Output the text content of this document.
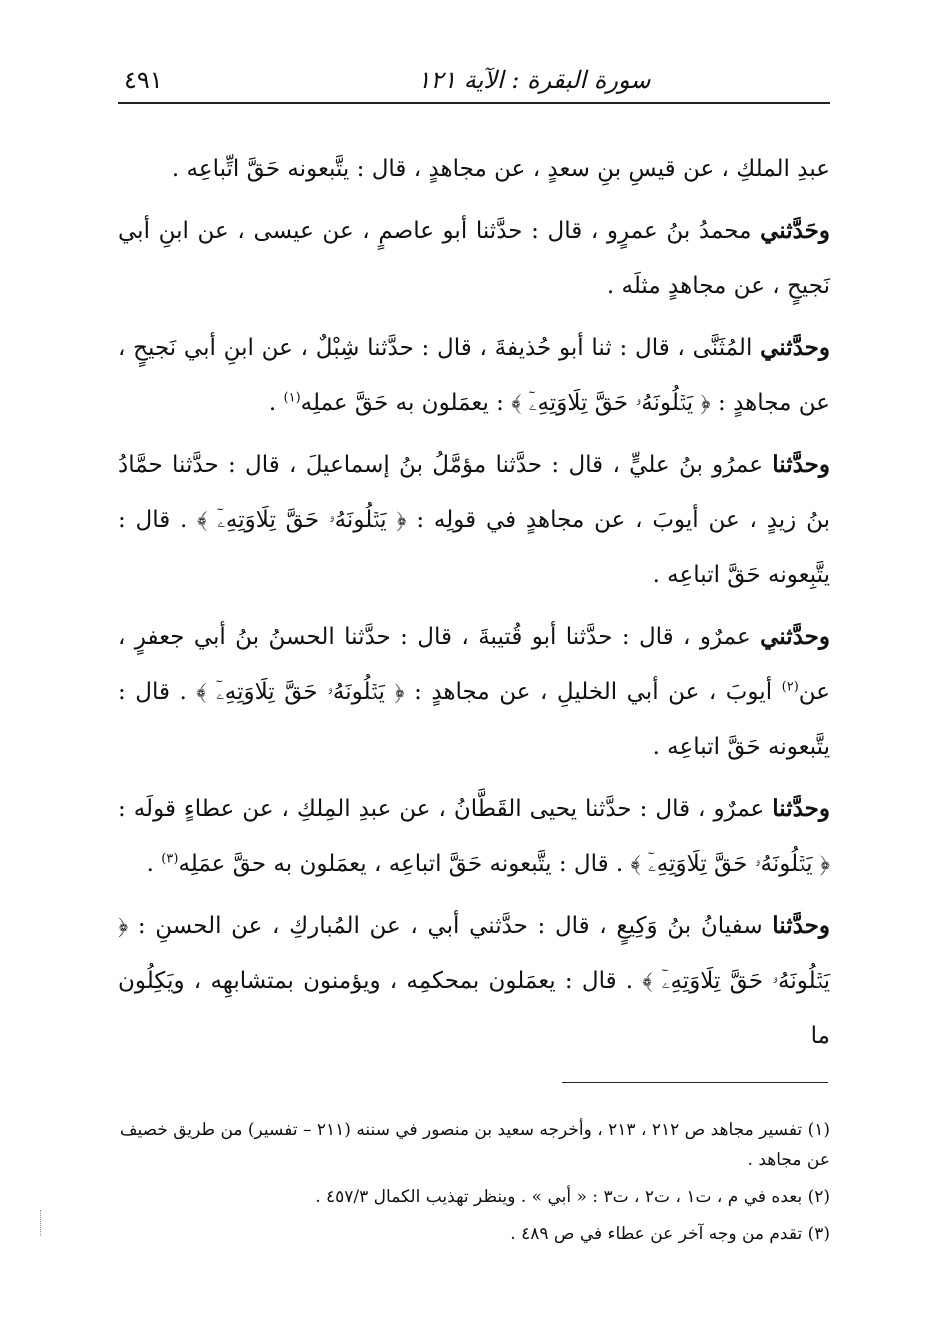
سورة البقرة : الآية ١٢١
٤٩١

عبدِ الملكِ ، عن قيسِ بنِ سعدٍ ، عن مجاهدٍ ، قال : يتَّبعونه حَقَّ اتِّباعِه .

وحَدَّثني محمدُ بنُ عمرٍو ، قال : حدَّثنا أبو عاصمٍ ، عن عيسى ، عن ابنِ أبي نَجيحٍ ، عن مجاهدٍ مثلَه .

وحدَّثني المُثَنَّى ، قال : ثنا أبو حُذيفةَ ، قال : حدَّثنا شِبْلٌ ، عن ابنِ أبي نَجيحٍ ، عن مجاهدٍ : ﴿ يَتۡلُونَهُۥ حَقَّ تِلَاوَتِهِۦٓ ﴾ : يعمَلون به حَقَّ عملِه$^{(١)}$ .

وحدَّثنا عمرُو بنُ عليٍّ ، قال : حدَّثنا مؤمَّلُ بنُ إسماعيلَ ، قال : حدَّثنا حمَّادُ بنُ زيدٍ ، عن أيوبَ ، عن مجاهدٍ في قولِه : ﴿ يَتۡلُونَهُۥ حَقَّ تِلَاوَتِهِۦٓ ﴾ . قال : يتَّبِعونه حَقَّ اتباعِه .

وحدَّثني عمرٌو ، قال : حدَّثنا أبو قُتيبةَ ، قال : حدَّثنا الحسنُ بنُ أبي جعفرٍ ، عن$^{(٢)}$ أيوبَ ، عن أبي الخليلِ ، عن مجاهدٍ : ﴿ يَتۡلُونَهُۥ حَقَّ تِلَاوَتِهِۦٓ ﴾ . قال : يتَّبعونه حَقَّ اتباعِه .

وحدَّثنا عمرٌو ، قال : حدَّثنا يحيى القَطَّانُ ، عن عبدِ المِلكِ ، عن عطاءٍ قولَه : ﴿ يَتۡلُونَهُۥ حَقَّ تِلَاوَتِهِۦٓ ﴾ . قال : يتَّبعونه حَقَّ اتباعِه ، يعمَلون به حقَّ عمَلِه$^{(٣)}$ .

وحدَّثنا سفيانُ بنُ وَكِيعٍ ، قال : حدَّثني أبي ، عن المُباركِ ، عن الحسنِ : ﴿ يَتۡلُونَهُۥ حَقَّ تِلَاوَتِهِۦٓ ﴾ . قال : يعمَلون بمحكمِه ، ويؤمنون بمتشابهِه ، ويَكِلُون ما

(١) تفسير مجاهد ص ٢١٢ ، ٢١٣ ، وأخرجه سعيد بن منصور في سننه (٢١١ – تفسير) من طريق خصيف
عن مجاهد .

(٢) بعده في م ، ت١ ، ت٢ ، ت٣ : « أبي » . وينظر تهذيب الكمال ٤٥٧/٣ .

(٣) تقدم من وجه آخر عن عطاء في ص ٤٨٩ .
